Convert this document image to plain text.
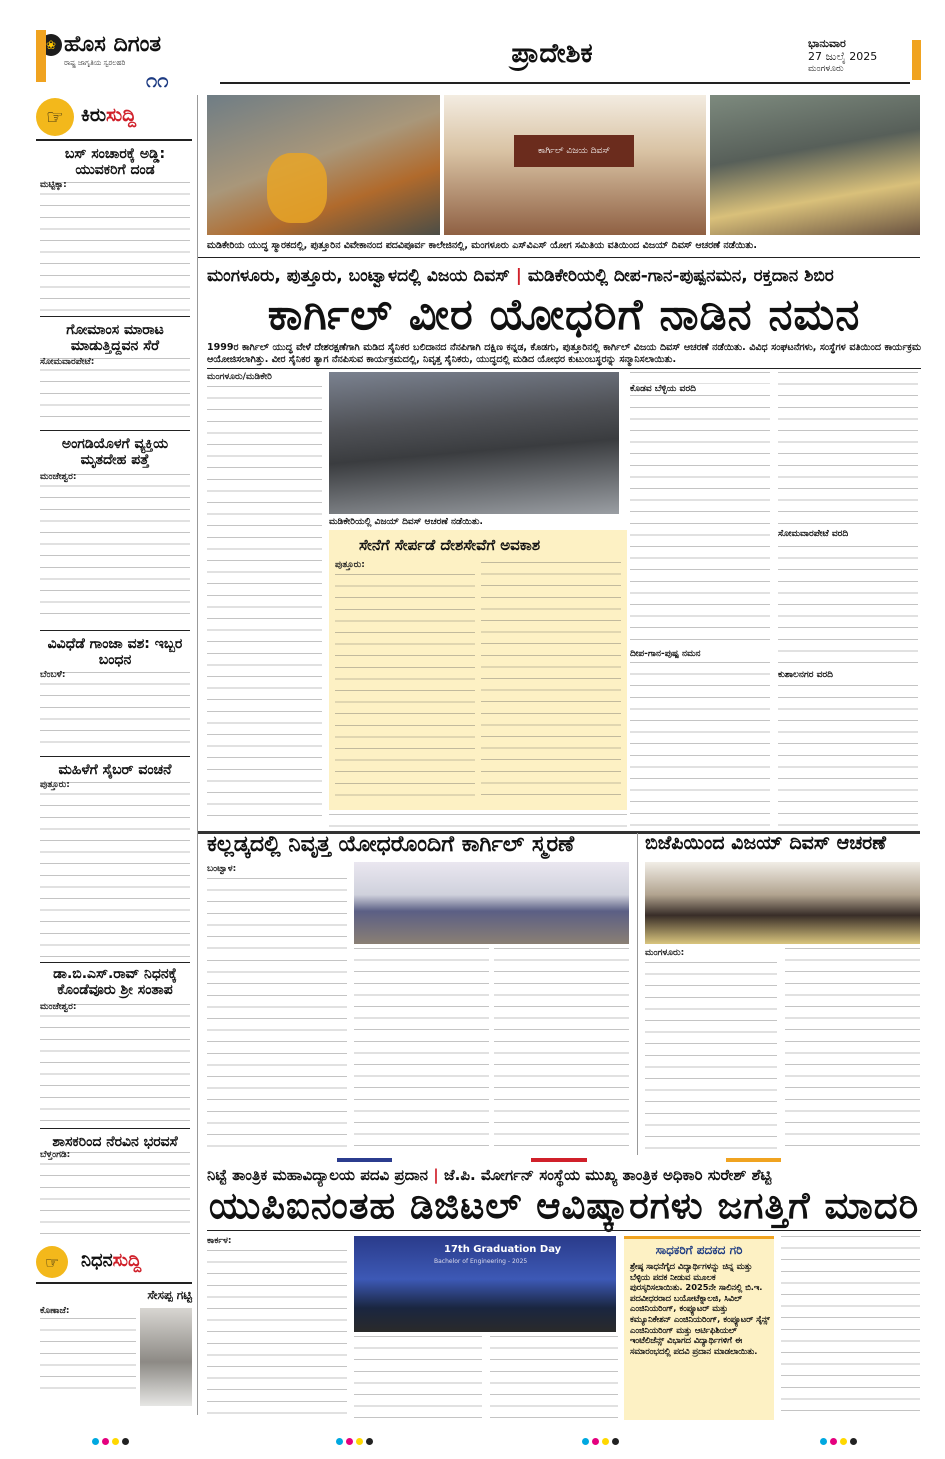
❀ ಹೊಸ ದಿಗಂತ
ರಾಷ್ಟ್ರ ಜಾಗೃತಿಯ ಸ್ವರಲಹರಿ
೧೧
ಪ್ರಾದೇಶಿಕ	ಭಾನುವಾರ
27 ಜುಲೈ 2025
ಮಂಗಳೂರು
ಕಾರ್ಗಿಲ್ ವಿಜಯ ದಿವಸ್
ಮಡಿಕೇರಿಯ ಯುದ್ಧ ಸ್ಮಾರಕದಲ್ಲಿ, ಪುತ್ತೂರಿನ ವಿವೇಕಾನಂದ ಪದವಿಪೂರ್ವ ಕಾಲೇಜಿನಲ್ಲಿ, ಮಂಗಳೂರು ಎಸ್‌ವಿಎಸ್ ಯೋಗ ಸಮಿತಿಯ ವತಿಯಿಂದ ವಿಜಯ್ ದಿವಸ್ ಆಚರಣೆ ನಡೆಯಿತು.
☞ ಕಿರುಸುದ್ದಿ
ಬಸ್ ಸಂಚಾರಕ್ಕೆ ಅಡ್ಡಿ: ಯುವಕರಿಗೆ ದಂಡ
ಮಟ್ಟಿಕ್ಕಾ:
ಗೋಮಾಂಸ ಮಾರಾಟ ಮಾಡುತ್ತಿದ್ದವನ ಸೆರೆ
ಸೋಮವಾರಪೇಟೆ:
ಅಂಗಡಿಯೊಳಗೆ ವ್ಯಕ್ತಿಯ ಮೃತದೇಹ ಪತ್ತೆ
ಮಂಜೇಶ್ವರ:
ವಿವಿಧೆಡೆ ಗಾಂಜಾ ವಶ: ಇಬ್ಬರ ಬಂಧನ
ಬೆಂಬಳೆ:
ಮಹಿಳೆಗೆ ಸೈಬರ್ ವಂಚನೆ
ಪುತ್ತೂರು:
ಡಾ.ಬಿ.ಎಸ್.ರಾವ್ ನಿಧನಕ್ಕೆ ಕೊಂಡೆವೂರು ಶ್ರೀ ಸಂತಾಪ
ಮಂಜೇಶ್ವರ:
ಶಾಸಕರಿಂದ ನೆರವಿನ ಭರವಸೆ
ಬೆಳ್ತಂಗಡಿ:
☞	ನಿಧನಸುದ್ದಿ
ಸೇಸಪ್ಪ ಗಟ್ಟಿ
ಕೊಣಾಜೆ:
ಮಂಗಳೂರು, ಪುತ್ತೂರು, ಬಂಟ್ವಾಳದಲ್ಲಿ ವಿಜಯ ದಿವಸ್ | ಮಡಿಕೇರಿಯಲ್ಲಿ ದೀಪ-ಗಾನ-ಪುಷ್ಪನಮನ, ರಕ್ತದಾನ ಶಿಬಿರ
ಕಾರ್ಗಿಲ್ ವೀರ ಯೋಧರಿಗೆ ನಾಡಿನ ನಮನ
1999ರ ಕಾರ್ಗಿಲ್ ಯುದ್ಧ ವೇಳೆ ದೇಶರಕ್ಷಣೆಗಾಗಿ ಮಡಿದ ಸೈನಿಕರ ಬಲಿದಾನದ ನೆನಪಿಗಾಗಿ ದಕ್ಷಿಣ ಕನ್ನಡ, ಕೊಡಗು, ಪುತ್ತೂರಿನಲ್ಲಿ ಕಾರ್ಗಿಲ್ ವಿಜಯ ದಿವಸ್ ಆಚರಣೆ ನಡೆಯಿತು. ವಿವಿಧ ಸಂಘಟನೆಗಳು, ಸಂಸ್ಥೆಗಳ ವತಿಯಿಂದ ಕಾರ್ಯಕ್ರಮ ಆಯೋಜಿಸಲಾಗಿತ್ತು. ವೀರ ಸೈನಿಕರ ತ್ಯಾಗ ನೆನಪಿಸುವ ಕಾರ್ಯಕ್ರಮದಲ್ಲಿ, ನಿವೃತ್ತ ಸೈನಿಕರು, ಯುದ್ಧದಲ್ಲಿ ಮಡಿದ ಯೋಧರ ಕುಟುಂಬಸ್ಥರನ್ನು ಸನ್ಮಾನಿಸಲಾಯಿತು.
ಮಂಗಳೂರು/ಮಡಿಕೇರಿ
ಮಡಿಕೇರಿಯಲ್ಲಿ ವಿಜಯ್ ದಿವಸ್ ಆಚರಣೆ ನಡೆಯಿತು.
ಸೇನೆಗೆ ಸೇರ್ಪಡೆ ದೇಶಸೇವೆಗೆ ಅವಕಾಶ
ಪುತ್ತೂರು:
ಕೊಡವ ಬೆಳ್ಳಿಯ ವರದಿ
ದೀಪ-ಗಾನ-ಪುಷ್ಪ ನಮನ
ಸೋಮವಾರಪೇಟೆ ವರದಿ
ಕುಶಾಲನಗರ ವರದಿ
ಕಲ್ಲಡ್ಕದಲ್ಲಿ ನಿವೃತ್ತ ಯೋಧರೊಂದಿಗೆ ಕಾರ್ಗಿಲ್ ಸ್ಮರಣೆ
ಬಂಟ್ವಾಳ:
ಬಿಜೆಪಿಯಿಂದ ವಿಜಯ್ ದಿವಸ್ ಆಚರಣೆ
ಮಂಗಳೂರು:
ನಿಟ್ಟೆ ತಾಂತ್ರಿಕ ಮಹಾವಿದ್ಯಾಲಯ ಪದವಿ ಪ್ರದಾನ | ಜೆ.ಪಿ. ಮೋರ್ಗನ್ ಸಂಸ್ಥೆಯ ಮುಖ್ಯ ತಾಂತ್ರಿಕ ಅಧಿಕಾರಿ ಸುರೇಶ್ ಶೆಟ್ಟಿ
ಯುಪಿಐನಂತಹ ಡಿಜಿಟಲ್ ಆವಿಷ್ಕಾರಗಳು ಜಗತ್ತಿಗೆ ಮಾದರಿ
ಕಾರ್ಕಳ:
17th Graduation Day
Bachelor of Engineering - 2025
ಸಾಧಕರಿಗೆ ಪದಕದ ಗರಿ
ಶ್ರೇಷ್ಠ ಸಾಧನೆಗೈದ ವಿದ್ಯಾರ್ಥಿಗಳನ್ನು ಚಿನ್ನ ಮತ್ತು ಬೆಳ್ಳಿಯ ಪದಕ ನೀಡುವ ಮೂಲಕ ಪುರಸ್ಕರಿಸಲಾಯಿತು. 2025ನೇ ಸಾಲಿನಲ್ಲಿ ಬಿ.ಇ. ಪದವೀಧರರಾದ ಬಯೋಟೆಕ್ನಾಲಜಿ, ಸಿವಿಲ್ ಎಂಜಿನಿಯರಿಂಗ್, ಕಂಪ್ಯೂಟರ್ ಮತ್ತು ಕಮ್ಯೂನಿಕೇಶನ್ ಎಂಜಿನಿಯರಿಂಗ್, ಕಂಪ್ಯೂಟರ್ ಸೈನ್ಸ್ ಎಂಜಿನಿಯರಿಂಗ್ ಮತ್ತು ಆರ್ಟಿಫಿಶಿಯಲ್ ಇಂಟೆಲಿಜೆನ್ಸ್ ವಿಭಾಗದ ವಿದ್ಯಾರ್ಥಿಗಳಿಗೆ ಈ ಸಮಾರಂಭದಲ್ಲಿ ಪದವಿ ಪ್ರದಾನ ಮಾಡಲಾಯಿತು.
